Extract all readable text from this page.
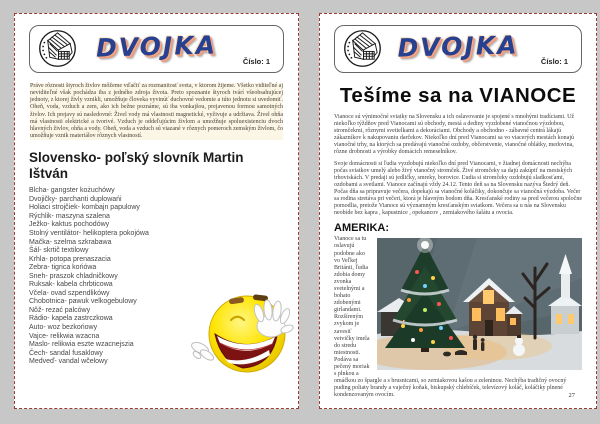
DVOJKA	Číslo: 1

Práve rôznosti štyroch živlov môžeme vďačiť za rozmanitosť sveta, v ktorom žijeme. Všetko viditeľné aj neviditeľné však pochádza iba z jedného zdroja života. Preto spoznanie štyroch tvárí všeobsahujúcej jednoty, z ktorej živly vznikli, umožňuje človeka vyvinúť duchovné vedomie a túto jednotu si uvedomiť. Oheň, voda, vzduch a zem, ako ich bežne poznáme, sú iba vonkajšou, prejavenou formou samotných živlov. Ich prejavy sú nasledovné: Živel vody má vlastnosti magnetické, vyživuje a udržiava. Živel ohňa má vlastnosti elektrické a tvorivé. Vzduch je oddeľujúcim živlom a umožňuje spoluexistenciu dvoch hlavných živlov, ohňa a vody. Oheň, voda a vzduch sú viazané v rôznych pomeroch zemským živlom, čo umožňuje vznik materiálov rôznych vlastností.

Slovensko- poľský slovník Martin Ištván
Blcha- gangster kożuchówy
Dvojičky- parchanti duplowańi
Holiaci strojčiek- kombajn papulowy
Rýchlik- maszyna szalena
Ježko- kaktus pochodówy
Stolný ventilátor- helikoptera pokojówa
Mačka- szelma szkrabawa
Šál- skrtič textilowy
Krhla- potopa prenaszacia
Zebra- tigrica końówa
Sneh- praszok chladničkowy
Ruksak- kabela chrbticowa
Včela- ovad szpendlikówy
Chobotnica- pawuk velkogebulowy
Nôž- rezać palcówy
Rádio- kapela zastrczkowa
Auto- woz bezkońowy
Vajce- relikwia wzacna
Maslo- relikwia eszte wzacnejszia
Čech- sandal fusaklowy
Medveď- vandal wčelowy
DVOJKA	Číslo: 1
Tešíme sa na VIANOCE

Vianoce sú výnimočné sviatky na Slovensku a ich oslavovanie je spojené s mnohými tradíciami. Už niekoľko týždňov pred Vianocami sú obchody, mestá a dediny vyzdobené vianočnou výzdobou, stromčekmi, rôznymi svetielkami a dekoráciami. Obchody a obchodno - zábavné centrá lákajú zákazníkov k nakupovaniu darčekov. Niekoľko dní pred Vianocami sa vo viacerých mestách konajú vianočné trhy, na ktorých sa predávajú vianočné ozdoby, občerstvenie, vianočné oblátky, medovina, rôzne drobnosti a výrobky domácich remeselníkov.

Svoje domácnosti si ľudia vyzdobujú niekoľko dní pred Vianocami, v žiadnej domácnosti nechýba počas sviatkov umelý alebo živý vianočný stromček. Živé stromčeky sa dajú zakúpiť na mestských trhoviskách. V predaji sú jedličky, smreky, borovice. Ľudia si stromčeky ozdobujú sladkosťami, ozdobami a svetlami. Vianoce začínajú vždy 24.12. Tento deň sa na Slovensku nazýva Štedrý deň. Počas dňa sa pripravuje večera, dopekajú sa vianočné koláčiky, dokončuje sa vianočná výzdoba. Večer sa rodina stretáva pri večeri, ktorá je hlavným bodom dňa. Kresťanské rodiny sa pred večerou spoločne pomodlia, pretože Vianoce sú významným kresťanským sviatkom. Večera sa u nás na Slovensku neobíde bez kapra , kapustnice , opekancov , zemiakového šalátu a ovocia.

AMERIKA:
Vianoce sa tu oslavujú podobne ako vo Veľkej Británii, ľudia zdobia domy zvonka svetelnými a bohato zdobenými girlandami. Rozšíreným zvykom je zavesiť vetvičky imela do stredu miestnosti. Podáva sa pečený moriak s plnkou a omáčkou zo špargle a s brusnicami, so zemiakovou kašou a zeleninou. Nechýba tradičný ovocný puding poliaty brandy a vaječný koňak, biskupský chlebíček, televízový koláč, koláčiky plnené kondenzovaným ovocím.	27
